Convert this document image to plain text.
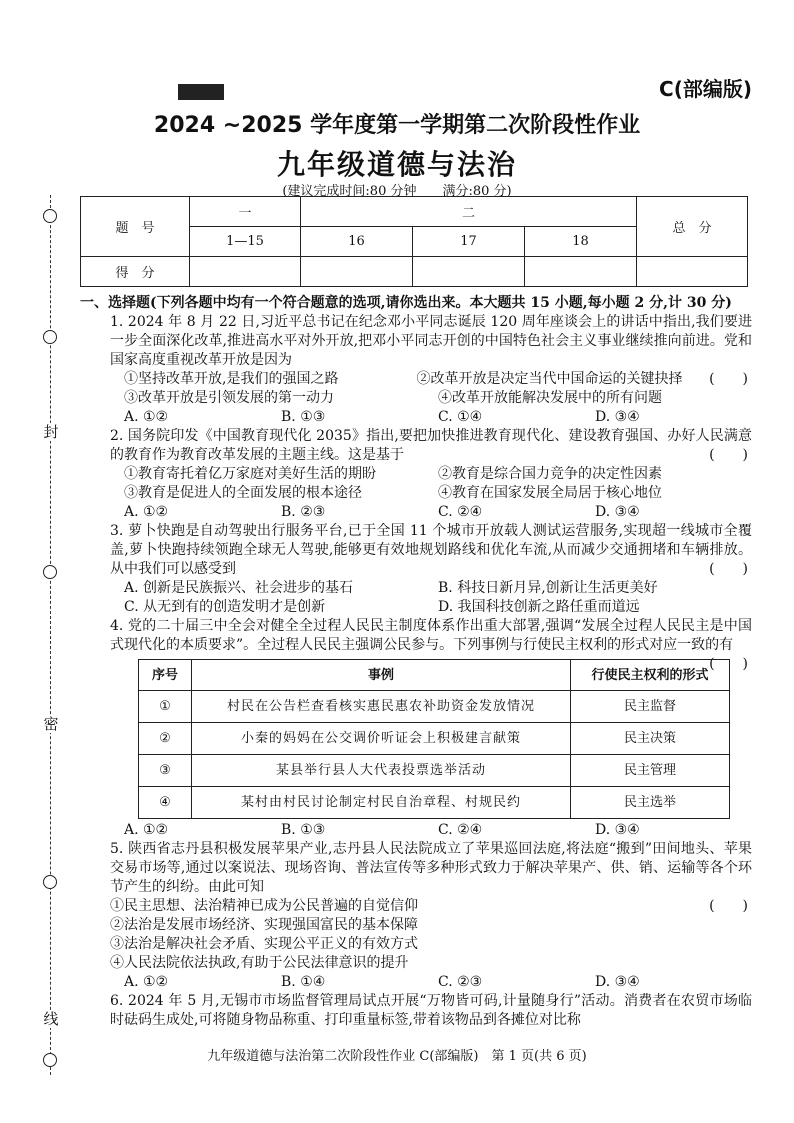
封
密
线
C(部编版)
2024 ~2025 学年度第一学期第二次阶段性作业
九年级道德与法治
(建议完成时间:80 分钟　　满分:80 分)
题　号	一	二			总　分
	1—15	16	17	18	
得　分					

一、选择题(下列各题中均有一个符合题意的选项,请你选出来。本大题共 15 小题,每小题 2 分,计 30 分)

1. 2024 年 8 月 22 日,习近平总书记在纪念邓小平同志诞辰 120 周年座谈会上的讲话中指出,我们要进一步全面深化改革,推进高水平对外开放,把邓小平同志开创的中国特色社会主义事业继续推向前进。党和国家高度重视改革开放是因为

(　　)
①坚持改革开放,是我们的强国之路	②改革开放是决定当代中国命运的关键抉择
③改革开放是引领发展的第一动力	④改革开放能解决发展中的所有问题
A. ①②	B. ①③	C. ①④	D. ③④

2. 国务院印发《中国教育现代化 2035》指出,要把加快推进教育现代化、建设教育强国、办好人民满意的教育作为教育改革发展的主题主线。这是基于

①教育寄托着亿万家庭对美好生活的期盼	②教育是综合国力竞争的决定性因素
③教育是促进人的全面发展的根本途径	④教育在国家发展全局居于核心地位
A. ①②	B. ②③	C. ②④	D. ③④
(　　)

3. 萝卜快跑是自动驾驶出行服务平台,已于全国 11 个城市开放载人测试运营服务,实现超一线城市全覆盖,萝卜快跑持续领跑全球无人驾驶,能够更有效地规划路线和优化车流,从而减少交通拥堵和车辆排放。从中我们可以感受到

A. 创新是民族振兴、社会进步的基石	B. 科技日新月异,创新让生活更美好
C. 从无到有的创造发明才是创新	D. 我国科技创新之路任重而道远
(　　)

4. 党的二十届三中全会对健全全过程人民民主制度体系作出重大部署,强调“发展全过程人民民主是中国式现代化的本质要求”。全过程人民民主强调公民参与。下列事例与行使民主权利的形式对应一致的有

(　　)
序号	事例	行使民主权利的形式
①	村民在公告栏查看核实惠民惠农补助资金发放情况	民主监督
②	小秦的妈妈在公交调价听证会上积极建言献策	民主决策
③	某县举行县人大代表投票选举活动	民主管理
④	某村由村民讨论制定村民自治章程、村规民约	民主选举
A. ①②	B. ①③	C. ②④	D. ③④

5. 陕西省志丹县积极发展苹果产业,志丹县人民法院成立了苹果巡回法庭,将法庭“搬到”田间地头、苹果交易市场等,通过以案说法、现场咨询、普法宣传等多种形式致力于解决苹果产、供、销、运输等各个环节产生的纠纷。由此可知

①民主思想、法治精神已成为公民普遍的自觉信仰

②法治是发展市场经济、实现强国富民的基本保障

③法治是解决社会矛盾、实现公平正义的有效方式

④人民法院依法执政,有助于公民法律意识的提升

A. ①②	B. ①④	C. ②③	D. ③④
(　　)

6. 2024 年 5 月,无锡市市场监督管理局试点开展“万物皆可码,计量随身行”活动。消费者在农贸市场临时砝码生成处,可将随身物品称重、打印重量标签,带着该物品到各摊位对比称

九年级道德与法治第二次阶段性作业 C(部编版)　第 1 页(共 6 页)
